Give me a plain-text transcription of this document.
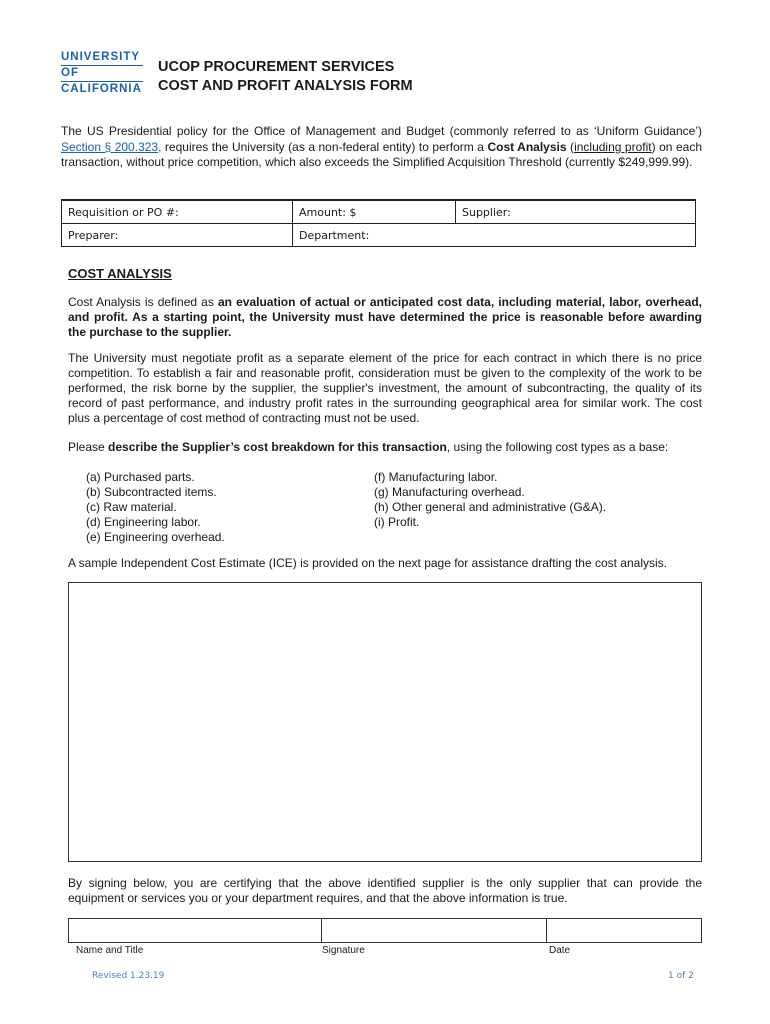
UNIVERSITY
OF
CALIFORNIA
UCOP PROCUREMENT SERVICES
COST AND PROFIT ANALYSIS FORM
The US Presidential policy for the Office of Management and Budget (commonly referred to as ‘Uniform Guidance’) Section § 200.323, requires the University (as a non-federal entity) to perform a Cost Analysis (including profit) on each transaction, without price competition, which also exceeds the Simplified Acquisition Threshold (currently $249,999.99).
Requisition or PO #:	Amount: $	Supplier:
Preparer:	Department:	
COST ANALYSIS
Cost Analysis is defined as an evaluation of actual or anticipated cost data, including material, labor, overhead, and profit. As a starting point, the University must have determined the price is reasonable before awarding the purchase to the supplier.
The University must negotiate profit as a separate element of the price for each contract in which there is no price competition. To establish a fair and reasonable profit, consideration must be given to the complexity of the work to be performed, the risk borne by the supplier, the supplier's investment, the amount of subcontracting, the quality of its record of past performance, and industry profit rates in the surrounding geographical area for similar work. The cost plus a percentage of cost method of contracting must not be used.
Please describe the Supplier’s cost breakdown for this transaction, using the following cost types as a base:
(a) Purchased parts.
(b) Subcontracted items.
(c) Raw material.
(d) Engineering labor.
(e) Engineering overhead.
(f) Manufacturing labor.
(g) Manufacturing overhead.
(h) Other general and administrative (G&A).
(i) Profit.
A sample Independent Cost Estimate (ICE) is provided on the next page for assistance drafting the cost analysis.
By signing below, you are certifying that the above identified supplier is the only supplier that can provide the equipment or services you or your department requires, and that the above information is true.
Name and Title	Signature	Date
Revised 1.23.19	1 of 2
